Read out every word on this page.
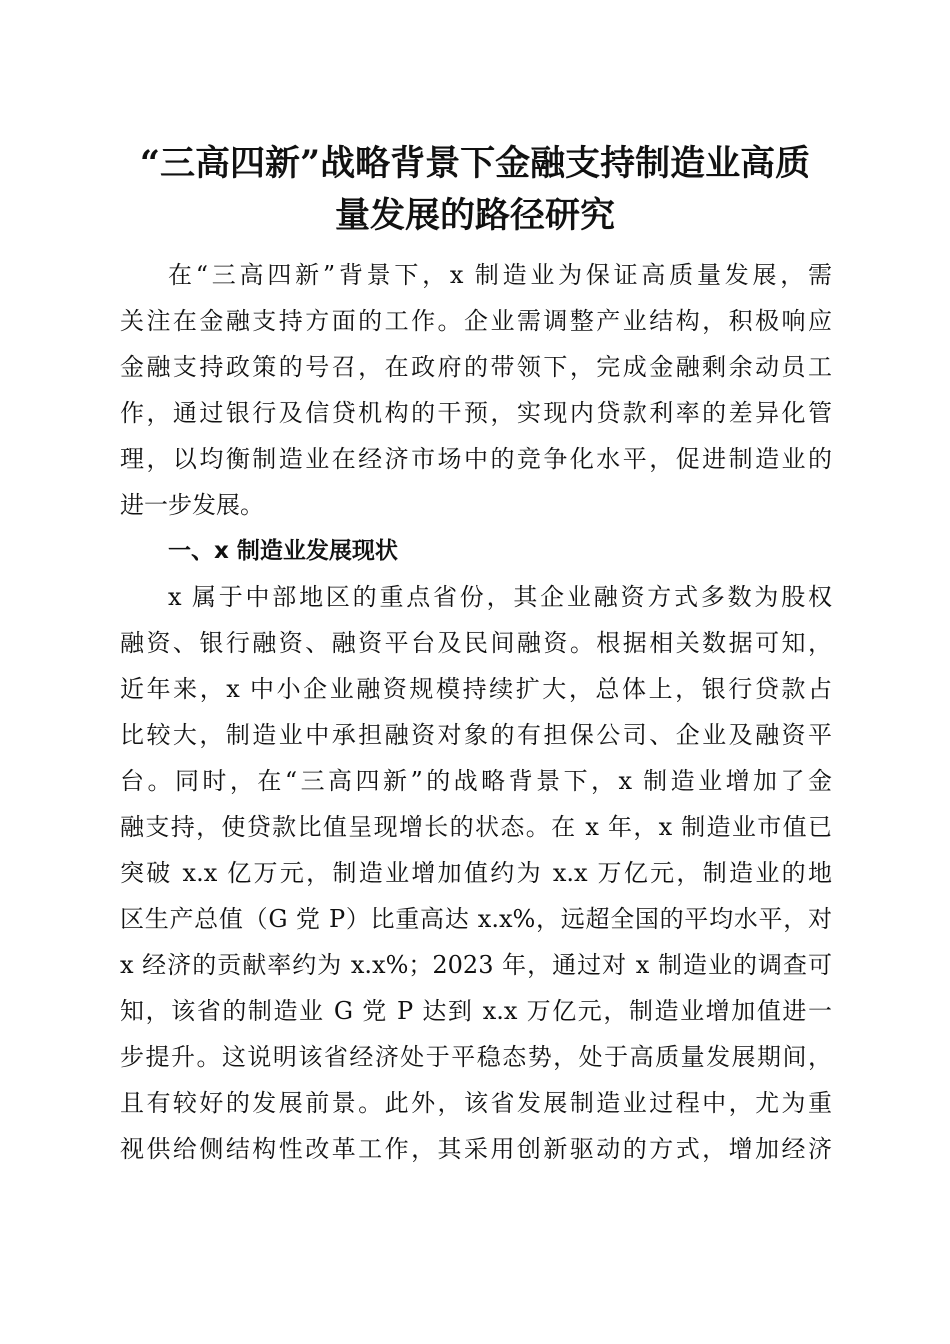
“三高四新”战略背景下金融支持制造业高质
量发展的路径研究
在“三高四新”背景下，x 制造业为保证高质量发展，需
关注在金融支持方面的工作。企业需调整产业结构，积极响应
金融支持政策的号召，在政府的带领下，完成金融剩余动员工
作，通过银行及信贷机构的干预，实现内贷款利率的差异化管
理，以均衡制造业在经济市场中的竞争化水平，促进制造业的
进一步发展。
一、x 制造业发展现状
x 属于中部地区的重点省份，其企业融资方式多数为股权
融资、银行融资、融资平台及民间融资。根据相关数据可知，
近年来，x 中小企业融资规模持续扩大，总体上，银行贷款占
比较大，制造业中承担融资对象的有担保公司、企业及融资平
台。同时，在“三高四新”的战略背景下，x 制造业增加了金
融支持，使贷款比值呈现增长的状态。在 x 年，x 制造业市值已
突破 x.x 亿万元，制造业增加值约为 x.x 万亿元，制造业的地
区生产总值（G 党 P）比重高达 x.x%，远超全国的平均水平，对
x 经济的贡献率约为 x.x%；2023 年，通过对 x 制造业的调查可
知，该省的制造业 G 党 P 达到 x.x 万亿元，制造业增加值进一
步提升。这说明该省经济处于平稳态势，处于高质量发展期间，
且有较好的发展前景。此外，该省发展制造业过程中，尤为重
视供给侧结构性改革工作，其采用创新驱动的方式，增加经济
